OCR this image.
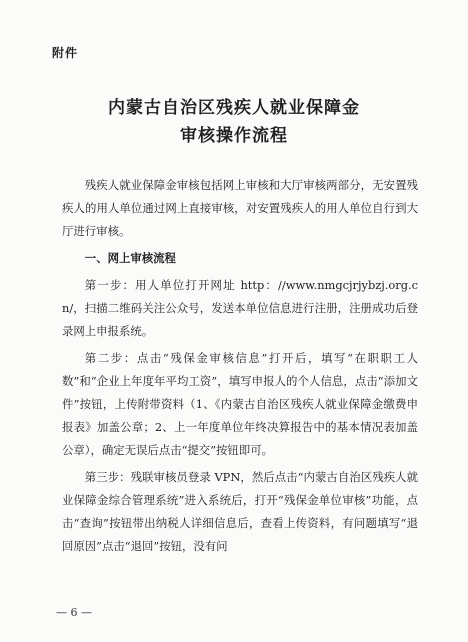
附件
内蒙古自治区残疾人就业保障金
审核操作流程

残疾人就业保障金审核包括网上审核和大厅审核两部分，无安置残疾人的用人单位通过网上直接审核，对安置残疾人的用人单位自行到大厅进行审核。

一、网上审核流程

第一步：用人单位打开网址 http：//www.nmgcjrjybzj.org.cn/，扫描二维码关注公众号，发送本单位信息进行注册，注册成功后登录网上申报系统。

第二步：点击“残保金审核信息”打开后，填写“在职职工人数”和“企业上年度年平均工资”，填写申报人的个人信息，点击“添加文件”按钮，上传附带资料（1、《内蒙古自治区残疾人就业保障金缴费申报表》加盖公章；2、上一年度单位年终决算报告中的基本情况表加盖公章），确定无误后点击“提交”按钮即可。

第三步：残联审核员登录 VPN，然后点击“内蒙古自治区残疾人就业保障金综合管理系统”进入系统后，打开“残保金单位审核”功能，点击“查询”按钮带出纳税人详细信息后，查看上传资料，有问题填写“退回原因”点击“退回”按钮，没有问

— 6 —
